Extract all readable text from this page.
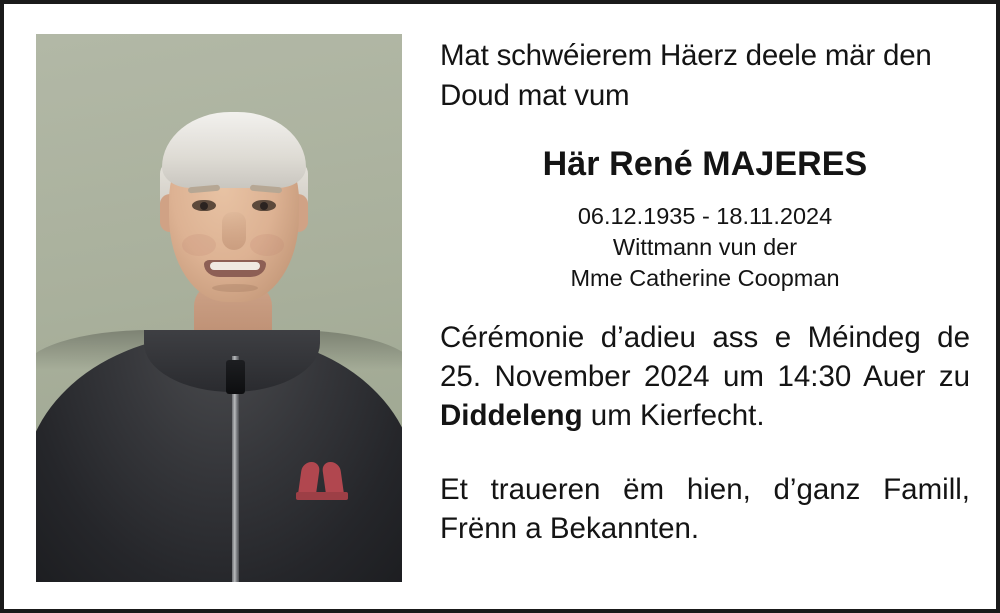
Mat schwéierem Häerz deele mär den Doud mat vum

Här René MAJERES
06.12.1935 - 18.11.2024
Wittmann vun der
Mme Catherine Coopman

Cérémonie d’adieu ass e Méindeg de 25. November 2024 um 14:30 Auer zu Diddeleng um Kierfecht.

Et traueren ëm hien, d’ganz Famill, Frënn a Bekannten.
